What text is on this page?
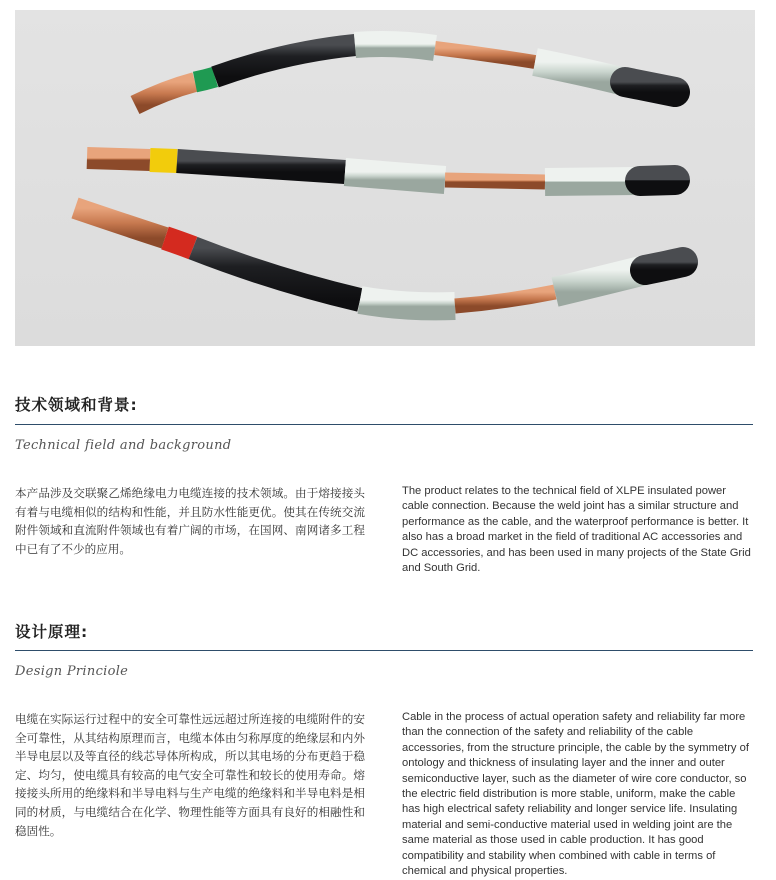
技术领域和背景:
Technical field and background
本产品涉及交联聚乙烯绝缘电力电缆连接的技术领域。由于熔接接头有着与电缆相似的结构和性能，并且防水性能更优。使其在传统交流附件领域和直流附件领域也有着广阔的市场，在国网、南网诸多工程中已有了不少的应用。
The product relates to the technical field of XLPE insulated power cable connection. Because the weld joint has a similar structure and performance as the cable, and the waterproof performance is better. It also has a broad market in the field of traditional AC accessories and DC accessories, and has been used in many projects of the State Grid and South Grid.
设计原理:
Design Princiole
电缆在实际运行过程中的安全可靠性远远超过所连接的电缆附件的安全可靠性，从其结构原理而言，电缆本体由匀称厚度的绝缘层和内外半导电层以及等直径的线芯导体所构成，所以其电场的分布更趋于稳定、均匀，使电缆具有较高的电气安全可靠性和较长的使用寿命。熔接接头所用的绝缘料和半导电料与生产电缆的绝缘料和半导电料是相同的材质，与电缆结合在化学、物理性能等方面具有良好的相融性和稳固性。
Cable in the process of actual operation safety and reliability far more than the connection of the safety and reliability of the cable accessories, from the structure principle, the cable by the symmetry of ontology and thickness of insulating layer and the inner and outer semiconductive layer, such as the diameter of wire core conductor, so the electric field distribution is more stable, uniform, make the cable has high electrical safety reliability and longer service life. Insulating material and semi-conductive material used in welding joint are the same material as those used in cable production. It has good compatibility and stability when combined with cable in terms of chemical and physical properties.
